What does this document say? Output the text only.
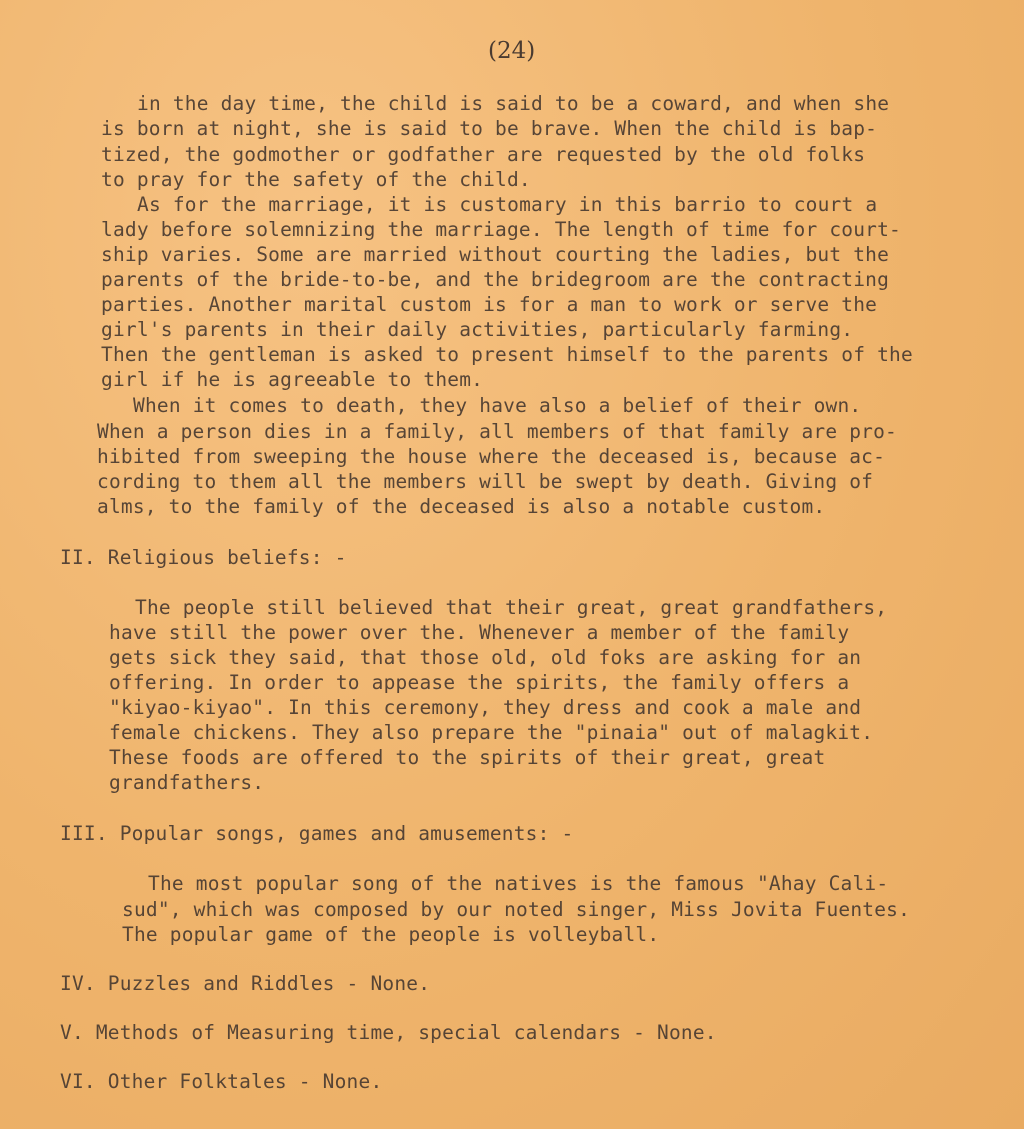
(24)
in the day time, the child is said to be a coward, and when she
is born at night, she is said to be brave. When the child is bap-
tized, the godmother or godfather are requested by the old folks
to pray for the safety of the child.
As for the marriage, it is customary in this barrio to court a
lady before solemnizing the marriage. The length of time for court-
ship varies. Some are married without courting the ladies, but the
parents of the bride-to-be, and the bridegroom are the contracting
parties. Another marital custom is for a man to work or serve the
girl's parents in their daily activities, particularly farming.
Then the gentleman is asked to present himself to the parents of the
girl if he is agreeable to them.
When it comes to death, they have also a belief of their own.
When a person dies in a family, all members of that family are pro-
hibited from sweeping the house where the deceased is, because ac-
cording to them all the members will be swept by death. Giving of
alms, to the family of the deceased is also a notable custom.
II. Religious beliefs: -
The people still believed that their great, great grandfathers,
have still the power over the. Whenever a member of the family
gets sick they said, that those old, old foks are asking for an
offering. In order to appease the spirits, the family offers a
"kiyao-kiyao". In this ceremony, they dress and cook a male and
female chickens. They also prepare the "pinaia" out of malagkit.
These foods are offered to the spirits of their great, great
grandfathers.
III. Popular songs, games and amusements: -
The most popular song of the natives is the famous "Ahay Cali-
sud", which was composed by our noted singer, Miss Jovita Fuentes.
The popular game of the people is volleyball.
IV. Puzzles and Riddles - None.
V. Methods of Measuring time, special calendars - None.
VI. Other Folktales - None.
